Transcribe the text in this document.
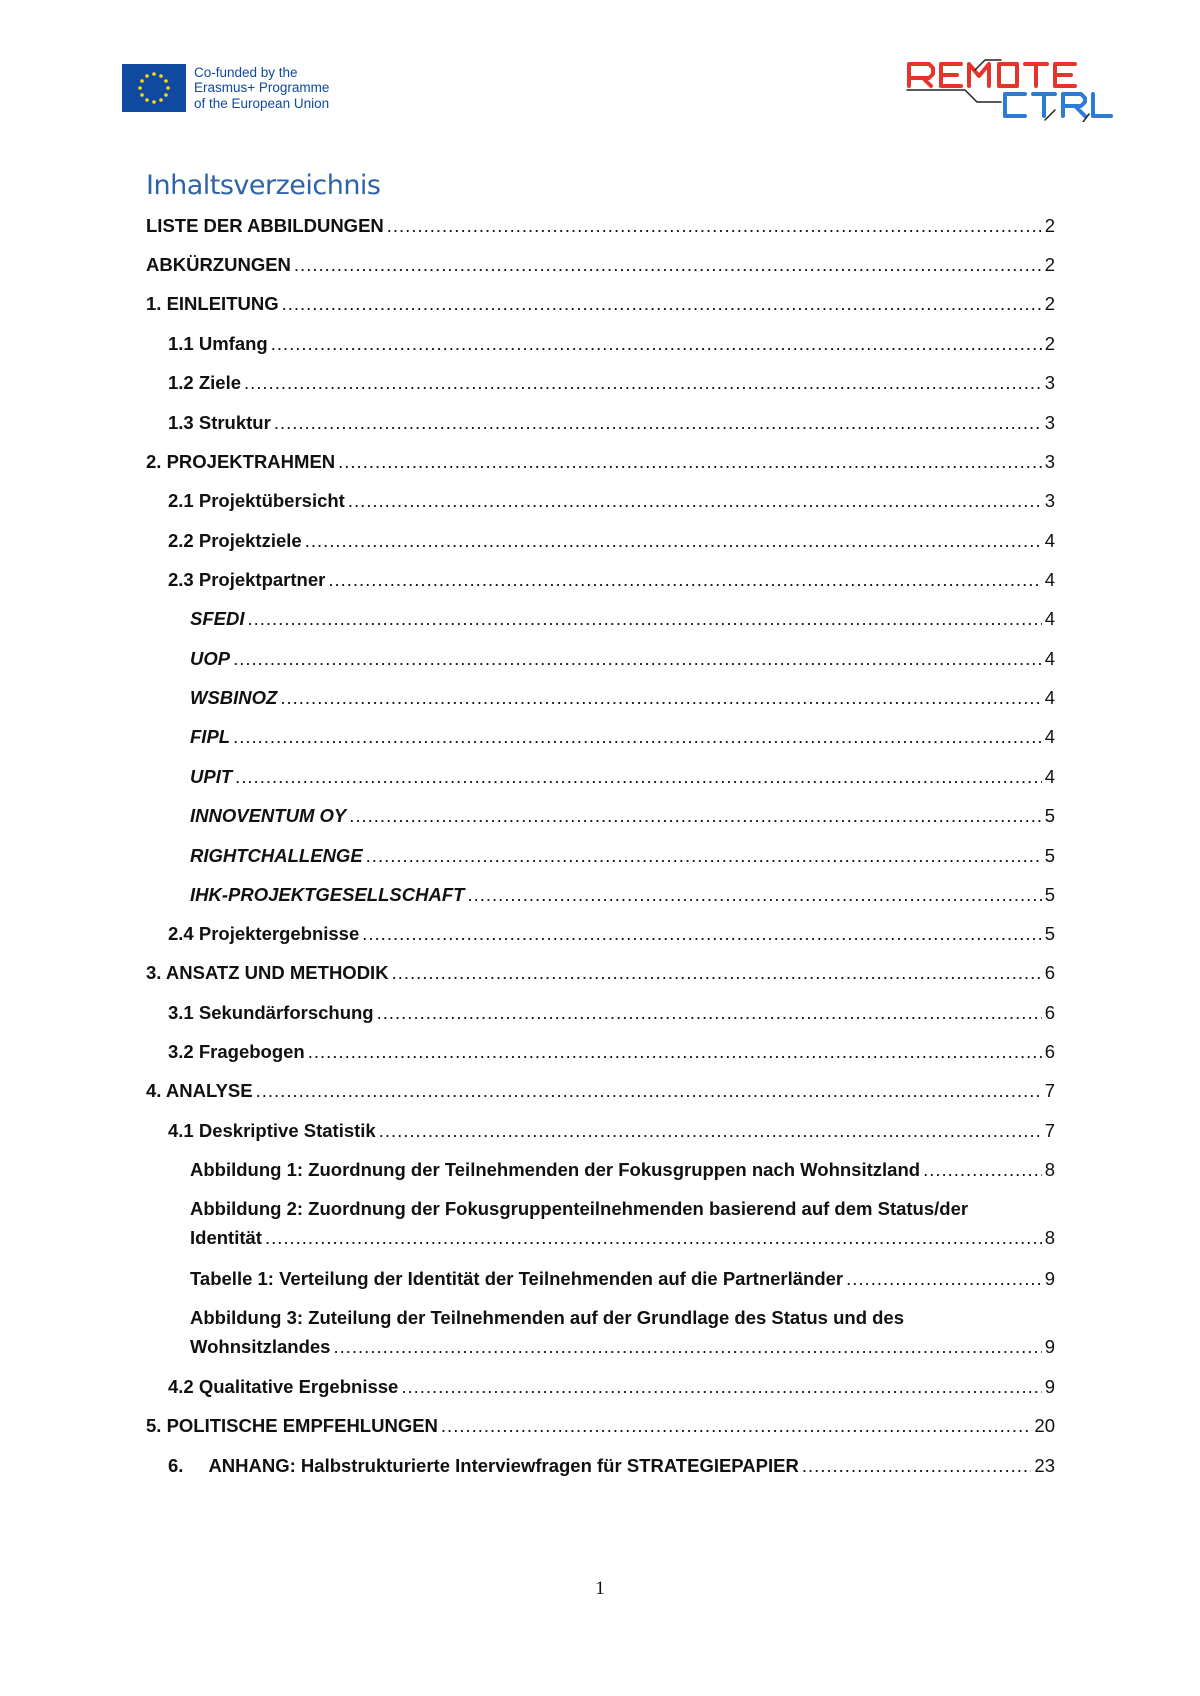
Co-funded by the
Erasmus+ Programme
of the European Union
Inhaltsverzeichnis
LISTE DER ABBILDUNGEN .....	2
ABKÜRZUNGEN .....	2
1. EINLEITUNG .....	2
1.1 Umfang .....	2
1.2 Ziele .....	3
1.3 Struktur .....	3
2. PROJEKTRAHMEN .....	3
2.1 Projektübersicht .....	3
2.2 Projektziele .....	4
2.3 Projektpartner .....	4
SFEDI .....	4
UOP .....	4
WSBINOZ .....	4
FIPL .....	4
UPIT .....	4
INNOVENTUM OY .....	5
RIGHTCHALLENGE .....	5
IHK-PROJEKTGESELLSCHAFT .....	5
2.4 Projektergebnisse .....	5
3. ANSATZ UND METHODIK .....	6
3.1 Sekundärforschung .....	6
3.2 Fragebogen .....	6
4. ANALYSE .....	7
4.1 Deskriptive Statistik .....	7
Abbildung 1: Zuordnung der Teilnehmenden der Fokusgruppen nach Wohnsitzland .....	8
Abbildung 2: Zuordnung der Fokusgruppenteilnehmenden basierend auf dem Status/der
Identität .....	8
Tabelle 1: Verteilung der Identität der Teilnehmenden auf die Partnerländer .....	9
Abbildung 3: Zuteilung der Teilnehmenden auf der Grundlage des Status und des
Wohnsitzlandes .....	9
4.2 Qualitative Ergebnisse .....	9
5. POLITISCHE EMPFEHLUNGEN .....	20
6.     ANHANG: Halbstrukturierte Interviewfragen für STRATEGIEPAPIER .....	23
1
